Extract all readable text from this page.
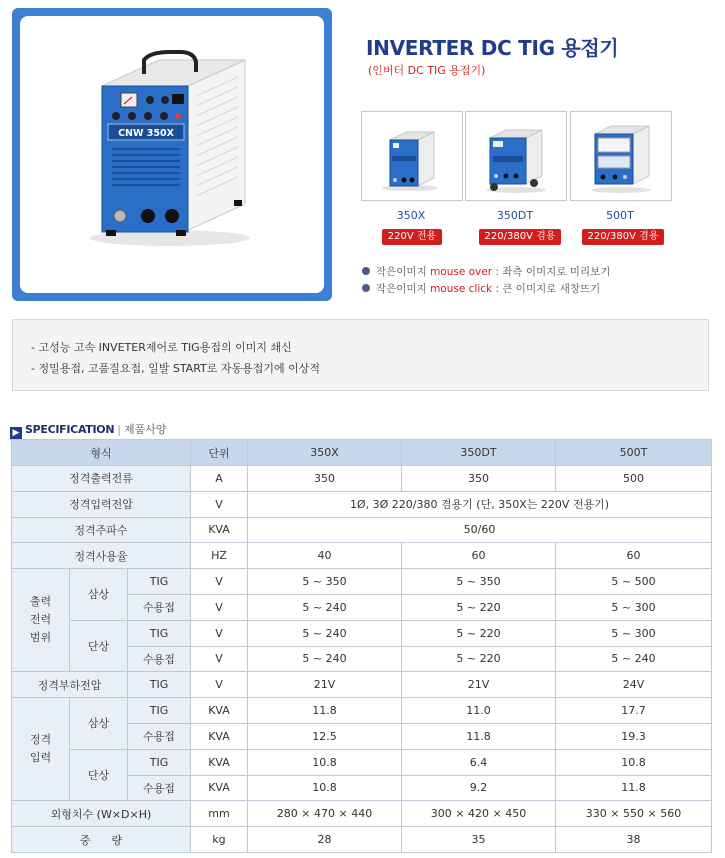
CNW 350X
INVERTER DC TIG 용접기
(인버터 DC TIG 용접기)
350X	350DT	500T
220V 전용	220/380V 겸용	220/380V 겸용
작은이미지 mouse over : 좌측 이미지로 미리보기
작은이미지 mouse click : 큰 이미지로 새창뜨기
- 고성능 고속 INVETER제어로 TIG용접의 이미지 쇄신
- 정밀용접, 고품질요접, 일발 START로 자동용접기에 이상적
▶ SPECIFICATION | 제품사양
형식			단위	350X	350DT	500T
정격출력전류			A	350	350	500
정격입력전압			V	1Ø, 3Ø 220/380 겸용기 (단, 350X는 220V 전용기)		
정격주파수			KVA	50/60		
정격사용율			HZ	40	60	60
출력
전력
범위	삼상	TIG	V	5 ~ 350	5 ~ 350	5 ~ 500
		수용접	V	5 ~ 240	5 ~ 220	5 ~ 300
	단상	TIG	V	5 ~ 240	5 ~ 220	5 ~ 300
		수용접	V	5 ~ 240	5 ~ 220	5 ~ 240
정격부하전압		TIG	V	21V	21V	24V
정격
입력	삼상	TIG	KVA	11.8	11.0	17.7
		수용접	KVA	12.5	11.8	19.3
	단상	TIG	KVA	10.8	6.4	10.8
		수용접	KVA	10.8	9.2	11.8
외형치수 (W×D×H)			mm	280 × 470 × 440	300 × 420 × 450	330 × 550 × 560
중      량			kg	28	35	38
